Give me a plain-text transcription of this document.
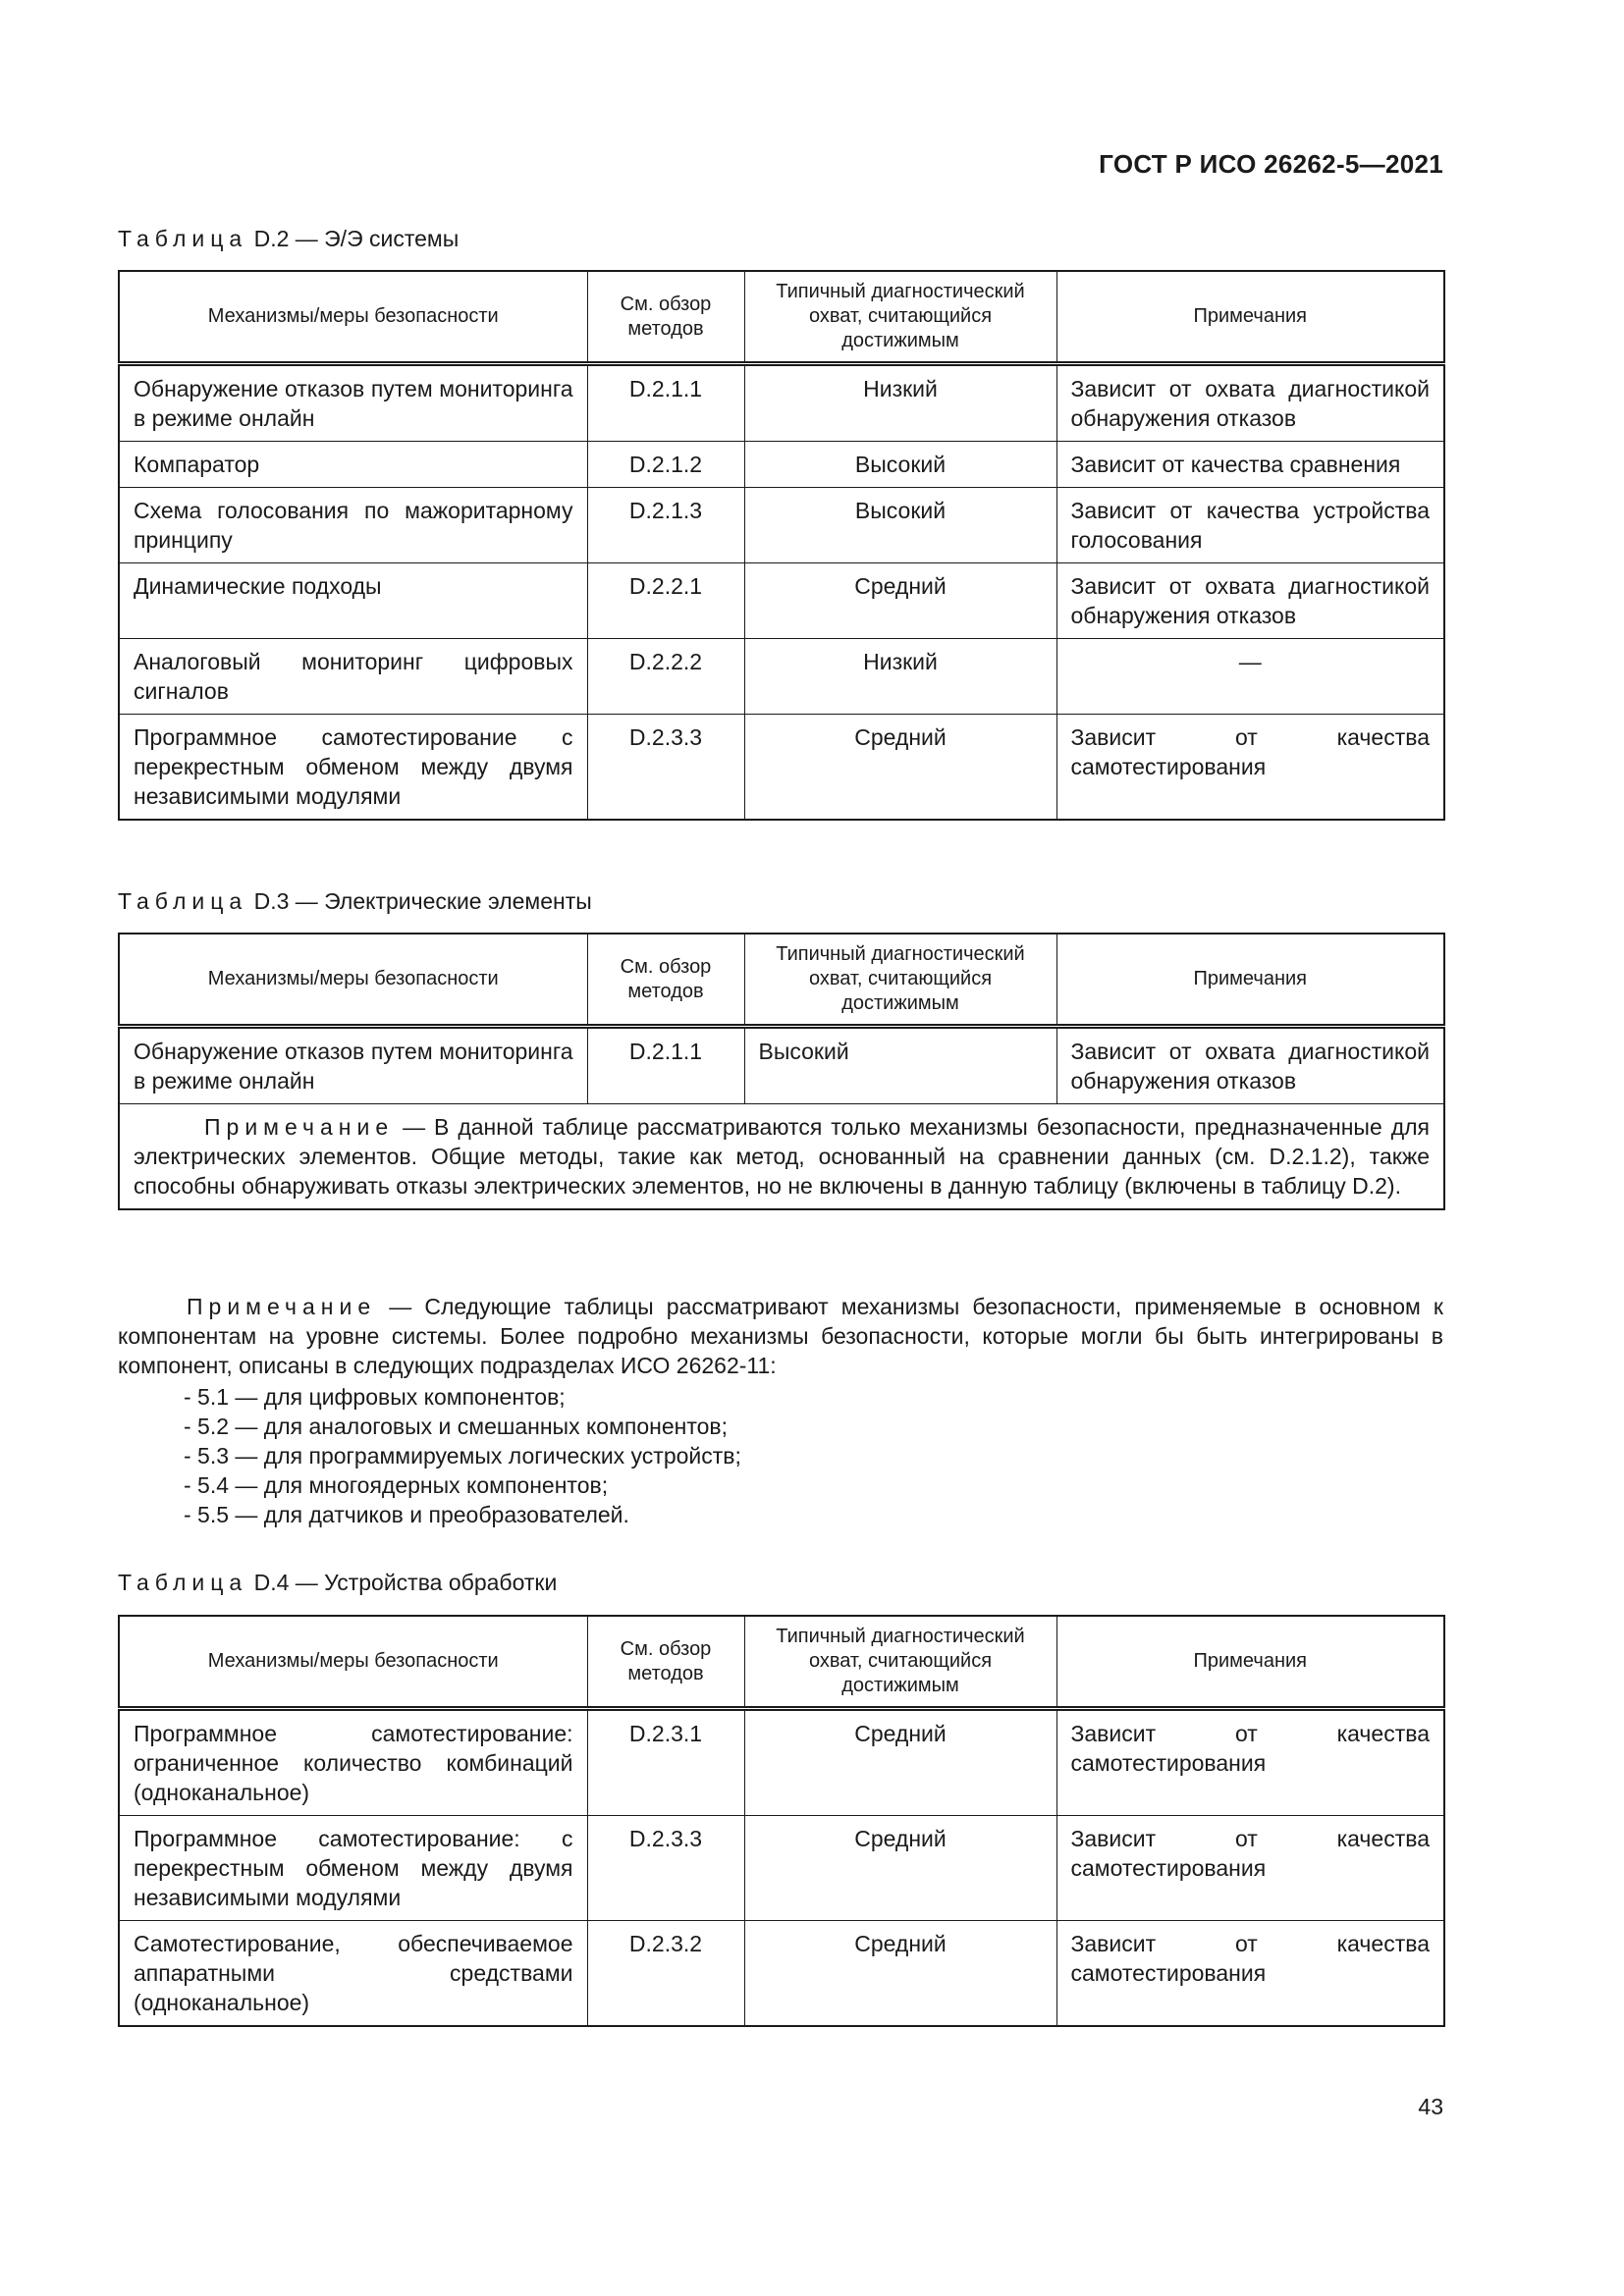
ГОСТ Р ИСО 26262-5—2021
Таблица D.2 — Э/Э системы
Механизмы/меры безопасности	См. обзор методов	Типичный диагностический охват, считающийся достижимым	Примечания
Обнаружение отказов путем мониторинга в режиме онлайн	D.2.1.1	Низкий	Зависит от охвата диагностикой обнаружения отказов
Компаратор	D.2.1.2	Высокий	Зависит от качества сравнения
Схема голосования по мажоритарному принципу	D.2.1.3	Высокий	Зависит от качества устройства голосования
Динамические подходы	D.2.2.1	Средний	Зависит от охвата диагностикой обнаружения отказов
Аналоговый мониторинг цифровых сигналов	D.2.2.2	Низкий	—
Программное самотестирование с перекрестным обменом между двумя независимыми модулями	D.2.3.3	Средний	Зависит от качества самотестирования
Таблица D.3 — Электрические элементы
Механизмы/меры безопасности	См. обзор методов	Типичный диагностический охват, считающийся достижимым	Примечания
Обнаружение отказов путем мониторинга в режиме онлайн	D.2.1.1	Высокий	Зависит от охвата диагностикой обнаружения отказов
Примечание — В данной таблице рассматриваются только механизмы безопасности, предназначенные для электрических элементов. Общие методы, такие как метод, основанный на сравнении данных (см. D.2.1.2), также способны обнаруживать отказы электрических элементов, но не включены в данную таблицу (включены в таблицу D.2).			
Примечание — Следующие таблицы рассматривают механизмы безопасности, применяемые в основном к компонентам на уровне системы. Более подробно механизмы безопасности, которые могли бы быть интегрированы в компонент, описаны в следующих подразделах ИСО 26262-11:
- 5.1 — для цифровых компонентов;
- 5.2 — для аналоговых и смешанных компонентов;
- 5.3 — для программируемых логических устройств;
- 5.4 — для многоядерных компонентов;
- 5.5 — для датчиков и преобразователей.
Таблица D.4 — Устройства обработки
Механизмы/меры безопасности	См. обзор методов	Типичный диагностический охват, считающийся достижимым	Примечания
Программное самотестирование: ограниченное количество комбинаций (одноканальное)	D.2.3.1	Средний	Зависит от качества самотестирования
Программное самотестирование: с перекрестным обменом между двумя независимыми модулями	D.2.3.3	Средний	Зависит от качества самотестирования
Самотестирование, обеспечиваемое аппаратными средствами (одноканальное)	D.2.3.2	Средний	Зависит от качества самотестирования
43
